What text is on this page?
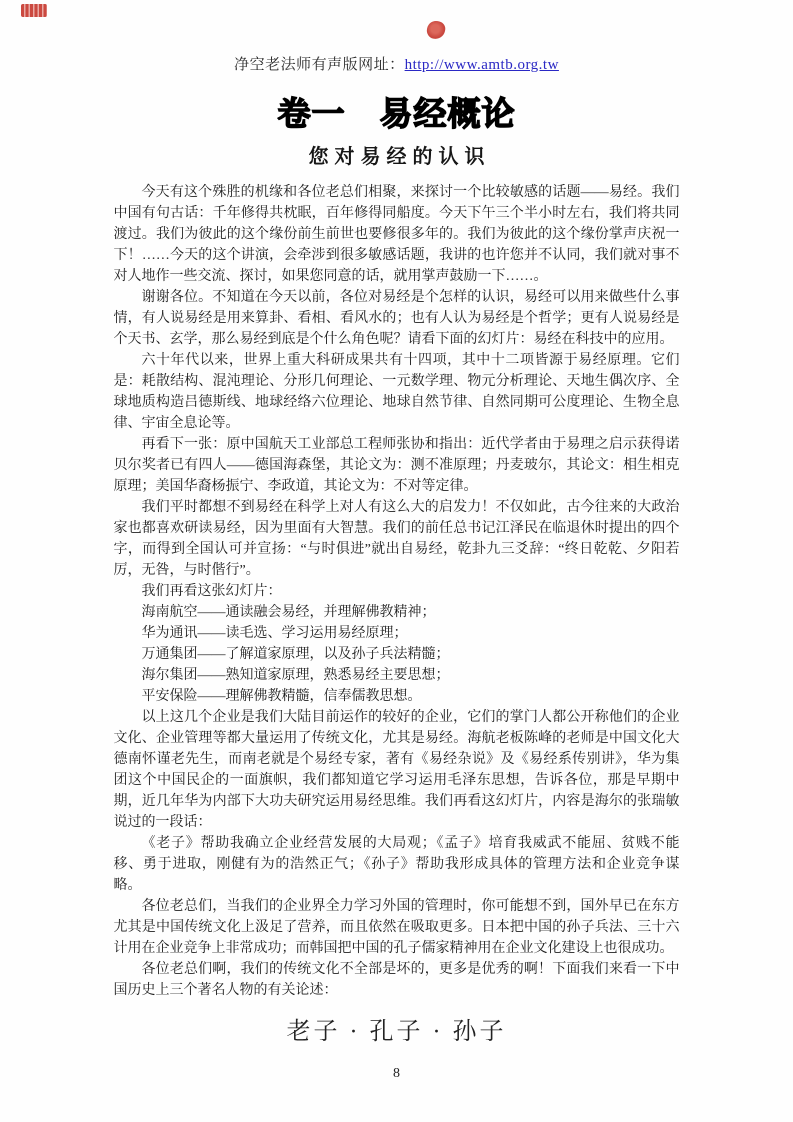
净空老法师有声版网址：http://www.amtb.org.tw
卷一　易经概论
您对易经的认识

今天有这个殊胜的机缘和各位老总们相聚，来探讨一个比较敏感的话题——易经。我们中国有句古话：千年修得共枕眠，百年修得同船度。今天下午三个半小时左右，我们将共同渡过。我们为彼此的这个缘份前生前世也要修很多年的。我们为彼此的这个缘份掌声庆祝一下！……今天的这个讲演，会牵涉到很多敏感话题，我讲的也许您并不认同，我们就对事不对人地作一些交流、探讨，如果您同意的话，就用掌声鼓励一下……。

谢谢各位。不知道在今天以前，各位对易经是个怎样的认识，易经可以用来做些什么事情，有人说易经是用来算卦、看相、看风水的；也有人认为易经是个哲学；更有人说易经是个天书、玄学，那么易经到底是个什么角色呢？请看下面的幻灯片：易经在科技中的应用。

六十年代以来，世界上重大科研成果共有十四项，其中十二项皆源于易经原理。它们是：耗散结构、混沌理论、分形几何理论、一元数学理、物元分析理论、天地生偶次序、全球地质构造吕德斯线、地球经络六位理论、地球自然节律、自然同期可公度理论、生物全息律、宇宙全息论等。

再看下一张：原中国航天工业部总工程师张协和指出：近代学者由于易理之启示获得诺贝尔奖者已有四人——德国海森堡，其论文为：测不准原理；丹麦玻尔，其论文：相生相克原理；美国华裔杨振宁、李政道，其论文为：不对等定律。

我们平时都想不到易经在科学上对人有这么大的启发力！不仅如此，古今往来的大政治家也都喜欢研读易经，因为里面有大智慧。我们的前任总书记江泽民在临退休时提出的四个字，而得到全国认可并宣扬：“与时俱进”就出自易经，乾卦九三爻辞：“终日乾乾、夕阳若厉，无咎，与时偕行”。

我们再看这张幻灯片：

海南航空——通读融会易经，并理解佛教精神；

华为通讯——读毛选、学习运用易经原理；

万通集团——了解道家原理，以及孙子兵法精髓；

海尔集团——熟知道家原理，熟悉易经主要思想；

平安保险——理解佛教精髓，信奉儒教思想。

以上这几个企业是我们大陆目前运作的较好的企业，它们的掌门人都公开称他们的企业文化、企业管理等都大量运用了传统文化，尤其是易经。海航老板陈峰的老师是中国文化大德南怀谨老先生，而南老就是个易经专家，著有《易经杂说》及《易经系传别讲》，华为集团这个中国民企的一面旗帜，我们都知道它学习运用毛泽东思想，告诉各位，那是早期中期，近几年华为内部下大功夫研究运用易经思维。我们再看这幻灯片，内容是海尔的张瑞敏说过的一段话：

《老子》帮助我确立企业经营发展的大局观；《孟子》培育我威武不能屈、贫贱不能移、勇于进取，刚健有为的浩然正气；《孙子》帮助我形成具体的管理方法和企业竞争谋略。

各位老总们，当我们的企业界全力学习外国的管理时，你可能想不到，国外早已在东方尤其是中国传统文化上汲足了营养，而且依然在吸取更多。日本把中国的孙子兵法、三十六计用在企业竞争上非常成功；而韩国把中国的孔子儒家精神用在企业文化建设上也很成功。

各位老总们啊，我们的传统文化不全部是坏的，更多是优秀的啊！下面我们来看一下中国历史上三个著名人物的有关论述：

老子 · 孔子 · 孙子
8
